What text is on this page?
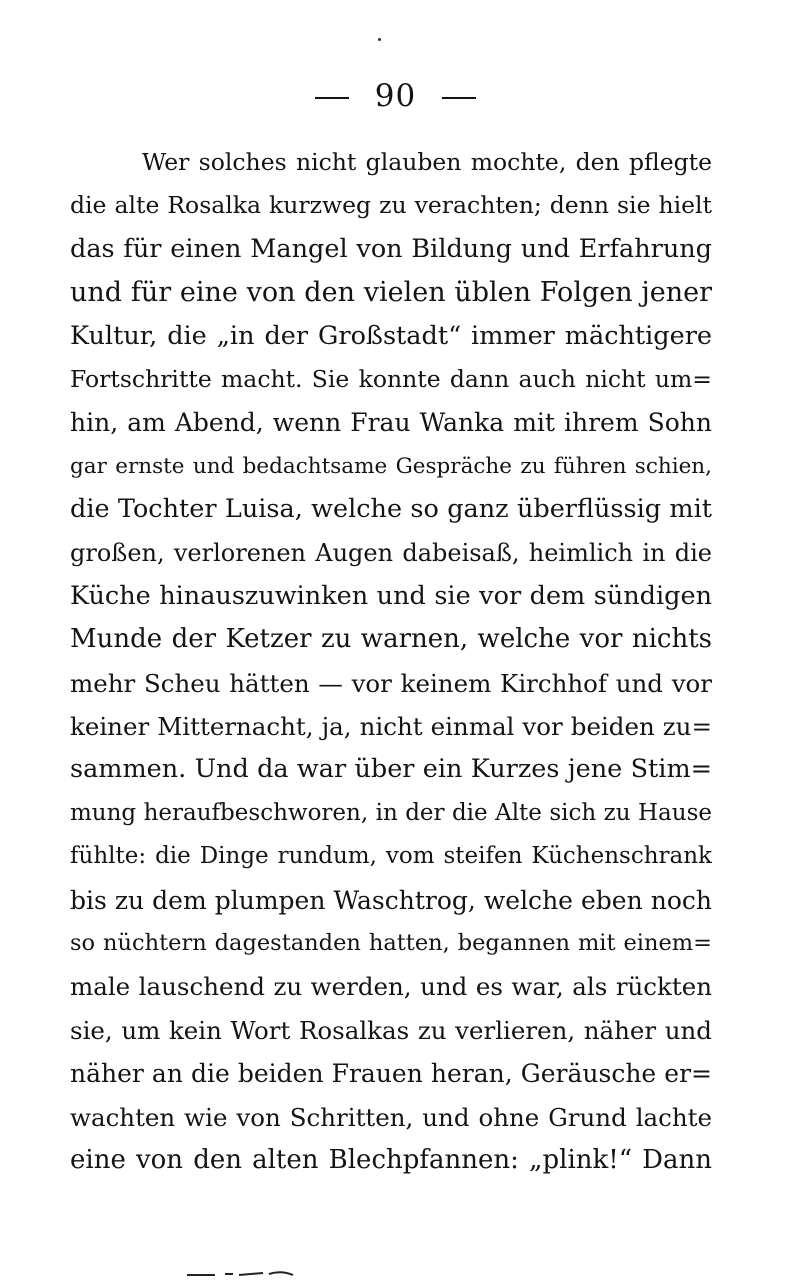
90
Wer solches nicht glauben mochte, den pflegte
die alte Rosalka kurzweg zu verachten; denn sie hielt
das für einen Mangel von Bildung und Erfahrung
und für eine von den vielen üblen Folgen jener
Kultur, die „in der Großstadt“ immer mächtigere
Fortschritte macht. Sie konnte dann auch nicht um=
hin, am Abend, wenn Frau Wanka mit ihrem Sohn
gar ernste und bedachtsame Gespräche zu führen schien,
die Tochter Luisa, welche so ganz überflüssig mit
großen, verlorenen Augen dabeisaß, heimlich in die
Küche hinauszuwinken und sie vor dem sündigen
Munde der Ketzer zu warnen, welche vor nichts
mehr Scheu hätten — vor keinem Kirchhof und vor
keiner Mitternacht, ja, nicht einmal vor beiden zu=
sammen. Und da war über ein Kurzes jene Stim=
mung heraufbeschworen, in der die Alte sich zu Hause
fühlte: die Dinge rundum, vom steifen Küchenschrank
bis zu dem plumpen Waschtrog, welche eben noch
so nüchtern dagestanden hatten, begannen mit einem=
male lauschend zu werden, und es war, als rückten
sie, um kein Wort Rosalkas zu verlieren, näher und
näher an die beiden Frauen heran, Geräusche er=
wachten wie von Schritten, und ohne Grund lachte
eine von den alten Blechpfannen: „plink!“ Dann
